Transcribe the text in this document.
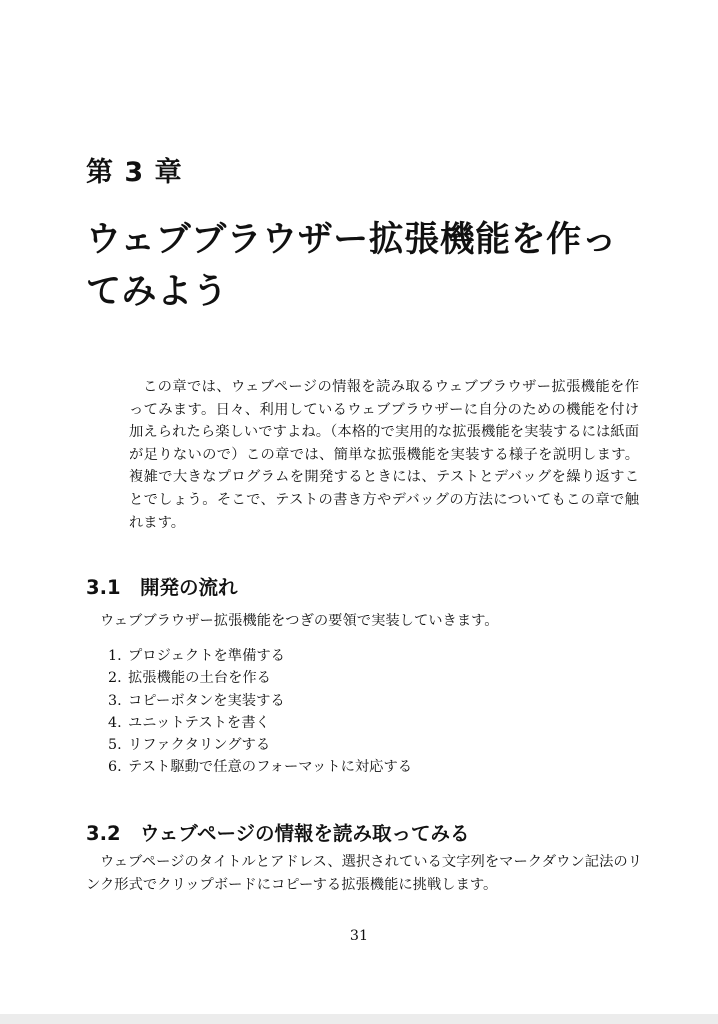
第 3 章
ウェブブラウザー拡張機能を作ってみよう

この章では、ウェブページの情報を読み取るウェブブラウザー拡張機能を作ってみます。日々、利用しているウェブブラウザーに自分のための機能を付け加えられたら楽しいですよね。（本格的で実用的な拡張機能を実装するには紙面が足りないので）この章では、簡単な拡張機能を実装する様子を説明します。複雑で大きなプログラムを開発するときには、テストとデバッグを繰り返すことでしょう。そこで、テストの書き方やデバッグの方法についてもこの章で触れます。

3.1 開発の流れ

ウェブブラウザー拡張機能をつぎの要領で実装していきます。

1. プロジェクトを準備する
2. 拡張機能の土台を作る
3. コピーボタンを実装する
4. ユニットテストを書く
5. リファクタリングする
6. テスト駆動で任意のフォーマットに対応する
3.2 ウェブページの情報を読み取ってみる

ウェブページのタイトルとアドレス、選択されている文字列をマークダウン記法のリンク形式でクリップボードにコピーする拡張機能に挑戦します。

31
